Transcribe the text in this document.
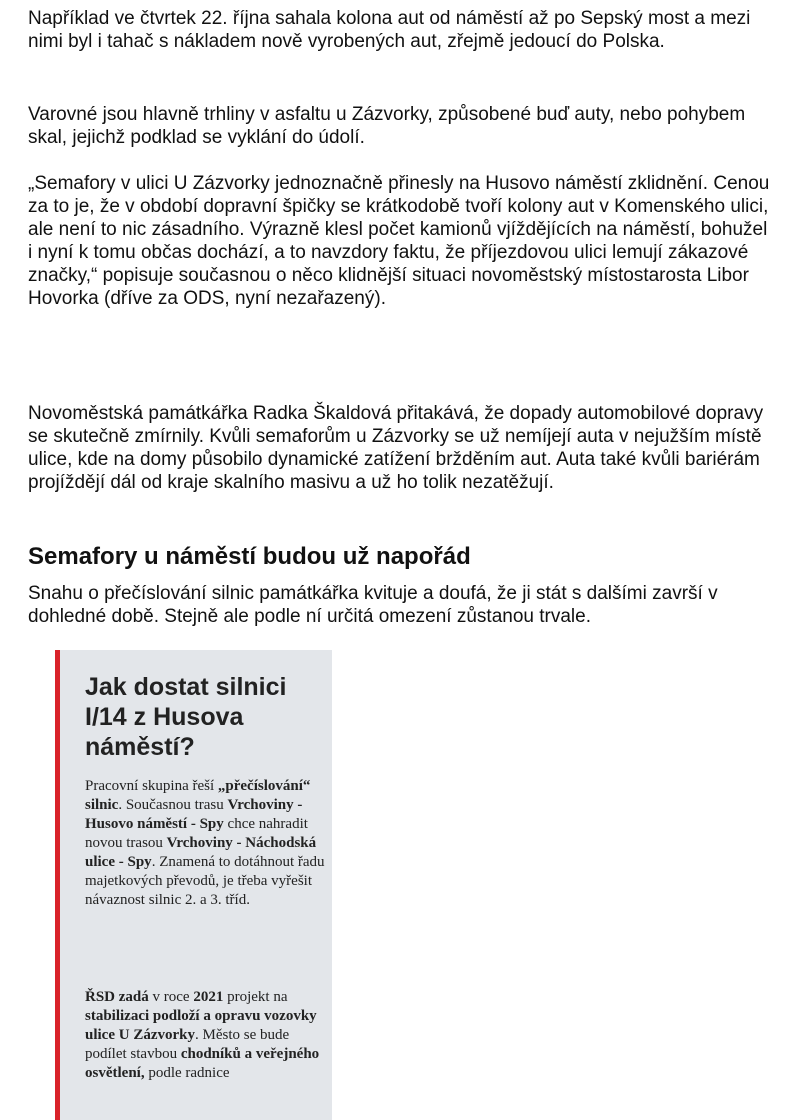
Například ve čtvrtek 22. října sahala kolona aut od náměstí až po Sepský most a mezi nimi byl i tahač s nákladem nově vyrobených aut, zřejmě jedoucí do Polska.

Varovné jsou hlavně trhliny v asfaltu u Zázvorky, způsobené buď auty, nebo pohybem skal, jejichž podklad se vyklání do údolí.

„Semafory v ulici U Zázvorky jednoznačně přinesly na Husovo náměstí zklidnění. Cenou za to je, že v období dopravní špičky se krátkodobě tvoří kolony aut v Komenského ulici, ale není to nic zásadního. Výrazně klesl počet kamionů vjíždějících na náměstí, bohužel i nyní k tomu občas dochází, a to navzdory faktu, že příjezdovou ulici lemují zákazové značky,“ popisuje současnou o něco klidnější situaci novoměstský místostarosta Libor Hovorka (dříve za ODS, nyní nezařazený).

Novoměstská památkářka Radka Škaldová přitakává, že dopady automobilové dopravy se skutečně zmírnily. Kvůli semaforům u Zázvorky se už nemíjejí auta v nejužším místě ulice, kde na domy působilo dynamické zatížení bržděním aut. Auta také kvůli bariérám projíždějí dál od kraje skalního masivu a už ho tolik nezatěžují.

Semafory u náměstí budou už napořád

Snahu o přečíslování silnic památkářka kvituje a doufá, že ji stát s dalšími završí v dohledné době. Stejně ale podle ní určitá omezení zůstanou trvale.

Jak dostat silnici I/14 z Husova náměstí?

Pracovní skupina řeší „přečíslování“ silnic. Současnou trasu Vrchoviny - Husovo náměstí - Spy chce nahradit novou trasou Vrchoviny - Náchodská ulice - Spy. Znamená to dotáhnout řadu majetkových převodů, je třeba vyřešit návaznost silnic 2. a 3. tříd.

ŘSD zadá v roce 2021 projekt na stabilizaci podloží a opravu vozovky ulice U Zázvorky. Město se bude podílet stavbou chodníků a veřejného osvětlení, podle radnice
